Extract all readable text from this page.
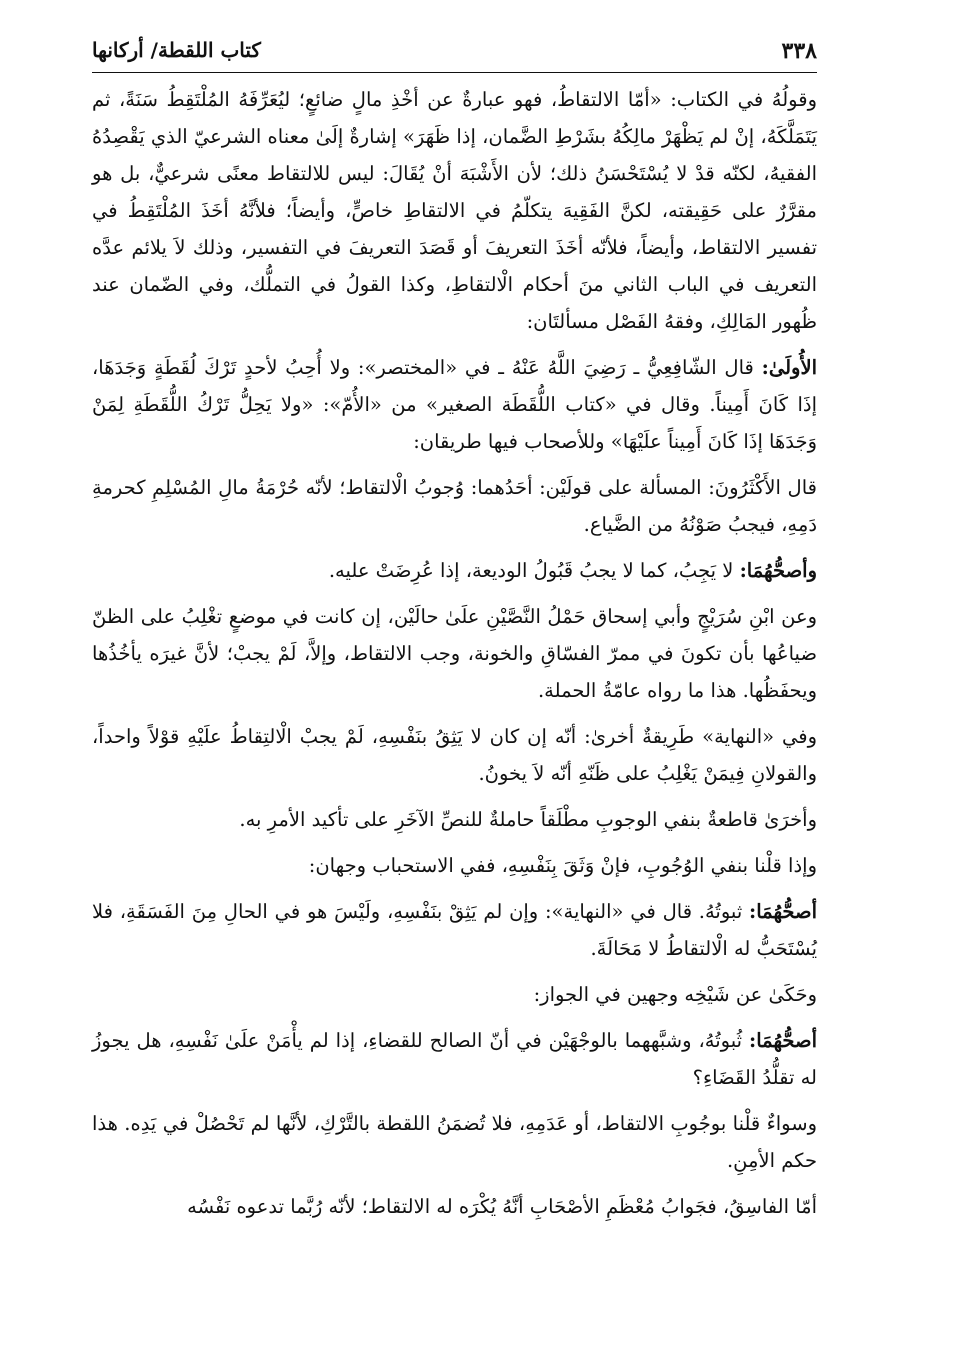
٣٣٨
كتاب اللقطة/ أركانها

وقولُهُ في الكتاب: «أمّا الالتقاطُ، فهو عبارةٌ عن أخْذِ مالٍ ضائعٍ؛ ليُعَرِّفَهُ المُلْتَقِطُ سَنَةً، ثم يَتَمَلَّكَهُ، إنْ لم يَظْهَرْ مالِكُهُ بشَرْطِ الضَّمان، إذا ظَهَرَ» إشارةٌ إلَىٰ معناه الشرعيّ الذي يَقْصِدُهُ الفقيهُ، لكنّه قدْ لا يُسْتَحْسَنُ ذلك؛ لأن الأَشْبَهَ أنْ يُقَالَ: ليس للالتقاط معنًى شرعيٌّ، بل هو مقرَّرٌ على حَقِيقته، لكنَّ الفَقِيهَ يتكلّمُ في الالتقاطِ خاصٍّ، وأيضاً؛ فلأنَّهُ أخَذَ المُلْتَقِطُ في تفسير الالتقاط، وأيضاً، فلأنّه أخَذَ التعريفَ أو قَصَدَ التعريفَ في التفسير، وذلك لاَ يلائم عدَّه التعريف في الباب الثاني منَ أحكام الْالتقاطِ، وكذا القولُ في التملُّك، وفي الضّمان عند ظُهور المَالِكِ، وفقهُ الفَصْل مسألتَان:

الأُولَىٰ: قال الشّافِعِيُّ ـ رَضِيَ اللَّهُ عَنْهُ ـ في «المختصر»: ولا أُحِبُ لأحدٍ تَرْكَ لُقَطَةٍ وَجَدَهَا، إذَا كَانَ أَمِيناً. وقال في «كتاب اللُّقَطَة الصغير» من «الأُمّ»: «ولا يَحِلُّ تَرْكُ اللُّقَطَةِ لِمَنْ وَجَدَهَا إذَا كَانَ أَمِيناً علَيْهَا» وللأصحاب فيها طريقان:

قال الأَكْثَرُونَ: المسألة على قولَيْن: أحَدُهما: وُجوبُ الْالتقاط؛ لأنّه حُرْمَةُ مالِ المُسْلِمِ كحرمةِ دَمِهِ، فيجبُ صَوْنُهُ من الضَّياع.

وأصحُّهُمَا: لا يَجِبُ، كما لا يجبُ قَبُولُ الوديعة، إذا عُرِضَتْ عليه.

وعن ابْنِ سُرَيْجٍ وأبي إسحاق حَمْلُ النَّصَّيْنِ علَىٰ حالَيْن، إن كانت في موضعٍ تغْلِبُ على الظنّ ضياعُها بأن تكونَ في ممرّ الفسّاقِ والخونة، وجب الالتقاط، وإلاَّ، لَمْ يجبْ؛ لأنَّ غيرَه يأخُذُها ويحفَظُها. هذا ما رواه عامّةُ الحملة.

وفي «النهاية» طَرِيقةٌ أخرىٰ: أنّه إن كان لا يَثِقُ بنَفْسِهِ، لَمْ يجبْ الْالتِقاطُ علَيْهِ قوْلاً واحداً، والقولانِ فِيمَنْ يَغْلِبُ على ظَنّهِ أنّه لاَ يخونُ.

وأخرَىٰ قاطعةٌ بنفي الوجوبِ مطْلَقاً حاملةٌ للنصِّ الآخَرِ على تأكيد الأمرِ به.

وإذا قلْنا بنفي الوُجُوبِ، فإنْ وَثَقَ بِنَفْسِهِ، ففي الاستحباب وجهان:

أصحُّهُمَا: ثبوتُهُ. قال في «النهاية»: وإن لم يَثِقْ بنَفْسِهِ، ولَيْسَ هو في الحالِ مِنَ الفَسَقَةِ، فلا يُسْتَحَبُّ له الْالتقاطُ لا مَحَالَةَ.

وحَكَىٰ عن شَيْخِه وجهين في الجواز:

أصحُّهُمَا: ثُبوتُهُ، وشبَّههما بالوجْهَيْن في أنّ الصالح للقضاءِ، إذا لم يأْمَنْ علَىٰ نَفْسِهِ، هل يجوزُ له تقلُّدُ القَضَاءِ؟

وسواءٌ قلْنا بوجُوبِ الالتقاط، أو عَدَمِهِ، فلا تُضمَنُ اللقطة بالتَّرْكِ، لأنَّها لم تَحْصُلْ في يَدِه. هذا حكم الأمِنِ.

أمّا الفاسِقُ، فجَوابُ مُعْظَمِ الأصْحَابِ أنَّهُ يُكْرَه له الالتقاط؛ لأنّه رُبَّما تدعوه نَفْسُه
